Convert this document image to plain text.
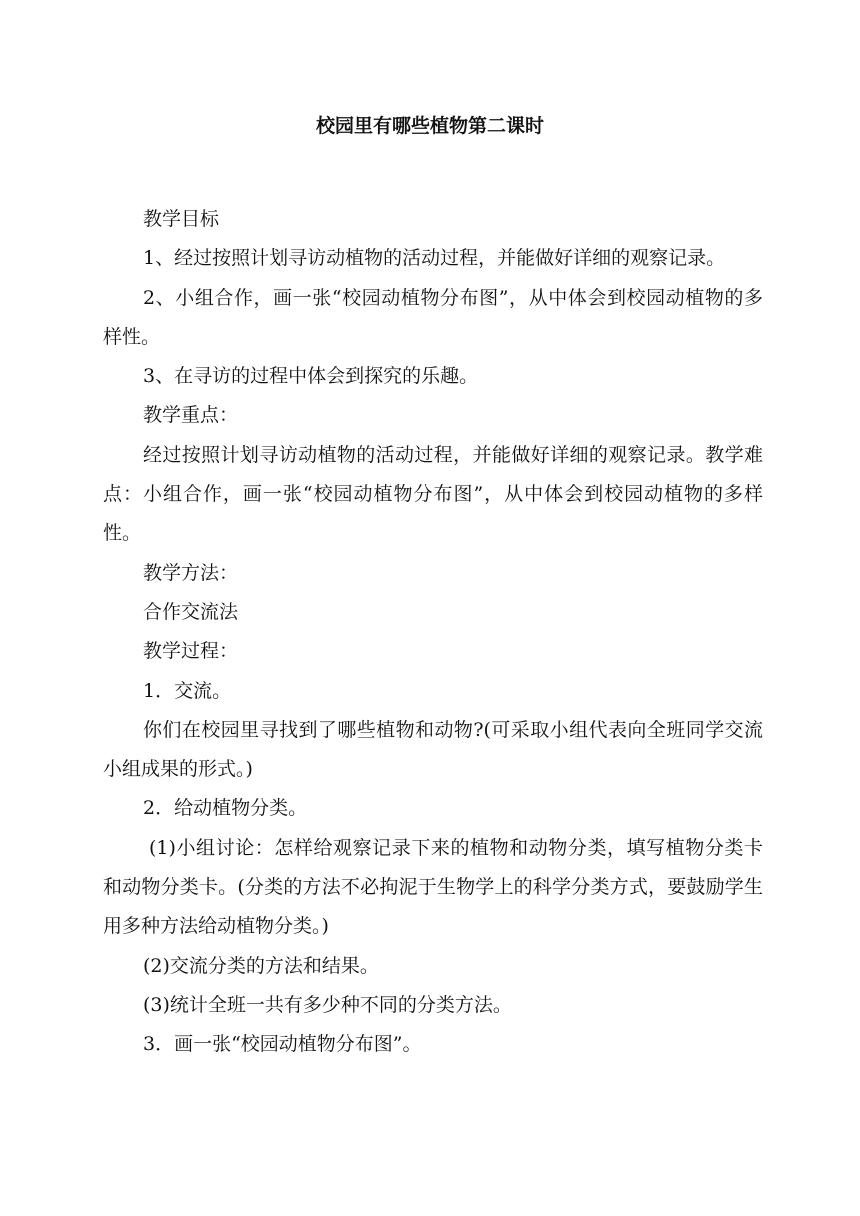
校园里有哪些植物第二课时

教学目标

1、经过按照计划寻访动植物的活动过程，并能做好详细的观察记录。

2、小组合作，画一张“校园动植物分布图”，从中体会到校园动植物的多样性。

3、在寻访的过程中体会到探究的乐趣。

教学重点：

经过按照计划寻访动植物的活动过程，并能做好详细的观察记录。教学难点：小组合作，画一张“校园动植物分布图”，从中体会到校园动植物的多样性。

教学方法：

合作交流法

教学过程：

1．交流。

你们在校园里寻找到了哪些植物和动物?(可采取小组代表向全班同学交流小组成果的形式。)

2．给动植物分类。

(1)小组讨论：怎样给观察记录下来的植物和动物分类，填写植物分类卡和动物分类卡。(分类的方法不必拘泥于生物学上的科学分类方式，要鼓励学生用多种方法给动植物分类。)

(2)交流分类的方法和结果。

(3)统计全班一共有多少种不同的分类方法。

3．画一张“校园动植物分布图”。
